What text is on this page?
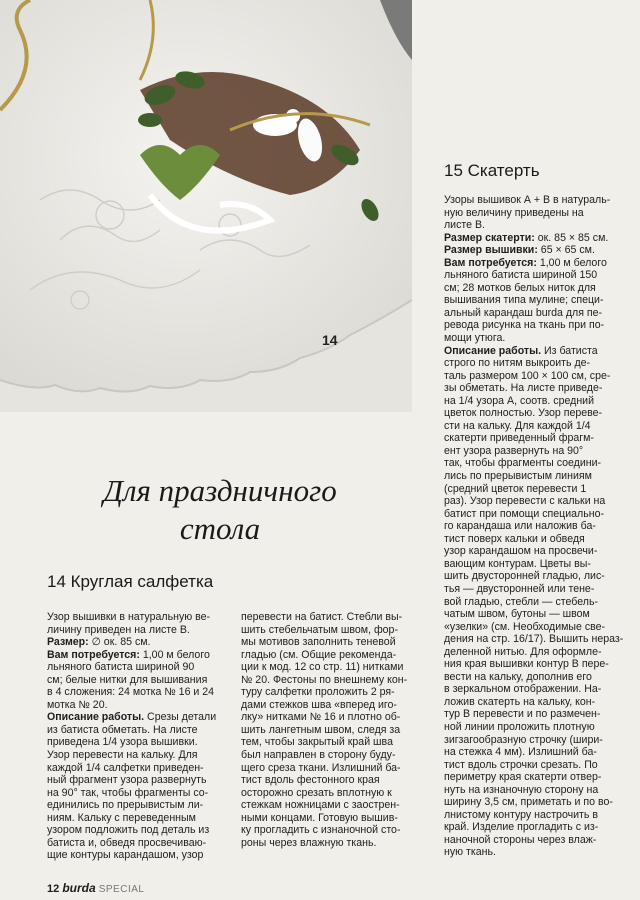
14
15 Скатерть
Узоры вышивок А + В в натураль-
ную величину приведены на
листе В.
Размер скатерти: ок. 85 × 85 см.
Размер вышивки: 65 × 65 см.
Вам потребуется: 1,00 м белого
льняного батиста шириной 150
см; 28 мотков белых ниток для
вышивания типа мулине; специ-
альный карандаш burda для пе-
ревода рисунка на ткань при по-
мощи утюга.
Описание работы. Из батиста
строго по нитям выкроить де-
таль размером 100 × 100 см, сре-
зы обметать. На листе приведе-
на 1/4 узора А, соотв. средний
цветок полностью. Узор переве-
сти на кальку. Для каждой 1/4
скатерти приведенный фрагм-
ент узора развернуть на 90°
так, чтобы фрагменты соедини-
лись по прерывистым линиям
(средний цветок перевести 1
раз). Узор перевести с кальки на
батист при помощи специально-
го карандаша или наложив ба-
тист поверх кальки и обведя
узор карандашом на просвечи-
вающим контурам. Цветы вы-
шить двусторонней гладью, лис-
тья — двусторонней или тене-
вой гладью, стебли — стебель-
чатым швом, бутоны — швом
«узелки» (см. Необходимые све-
дения на стр. 16/17). Вышить нераз-
деленной нитью. Для оформле-
ния края вышивки контур В пере-
вести на кальку, дополнив его
в зеркальном отображении. На-
ложив скатерть на кальку, кон-
тур В перевести и по размечен-
ной линии проложить плотную
зигзагообразную строчку (шири-
на стежка 4 мм). Излишний ба-
тист вдоль строчки срезать. По
периметру края скатерти отвер-
нуть на изнаночную сторону на
ширину 3,5 см, приметать и по во-
лнистому контуру настрочить в
край. Изделие прогладить с из-
наночной стороны через влаж-
ную ткань.
Для праздничного
стола
14 Круглая салфетка
Узор вышивки в натуральную ве-
личину приведен на листе В.
Размер: ∅ ок. 85 см.
Вам потребуется: 1,00 м белого
льняного батиста шириной 90
см; белые нитки для вышивания
в 4 сложения: 24 мотка № 16 и 24
мотка № 20.
Описание работы. Срезы детали
из батиста обметать. На листе
приведена 1/4 узора вышивки.
Узор перевести на кальку. Для
каждой 1/4 салфетки приведен-
ный фрагмент узора развернуть
на 90° так, чтобы фрагменты со-
единились по прерывистым ли-
ниям. Кальку с переведенным
узором подложить под деталь из
батиста и, обведя просвечиваю-
щие контуры карандашом, узор
перевести на батист. Стебли вы-
шить стебельчатым швом, фор-
мы мотивов заполнить теневой
гладью (см. Общие рекоменда-
ции к мод. 12 со стр. 11) нитками
№ 20. Фестоны по внешнему кон-
туру салфетки проложить 2 ря-
дами стежков шва «вперед иго-
лку» нитками № 16 и плотно об-
шить лангетным швом, следя за
тем, чтобы закрытый край шва
был направлен в сторону буду-
щего среза ткани. Излишний ба-
тист вдоль фестонного края
осторожно срезать вплотную к
стежкам ножницами с заострен-
ными концами. Готовую вышив-
ку прогладить с изнаночной сто-
роны через влажную ткань.
12 burda SPECIAL
